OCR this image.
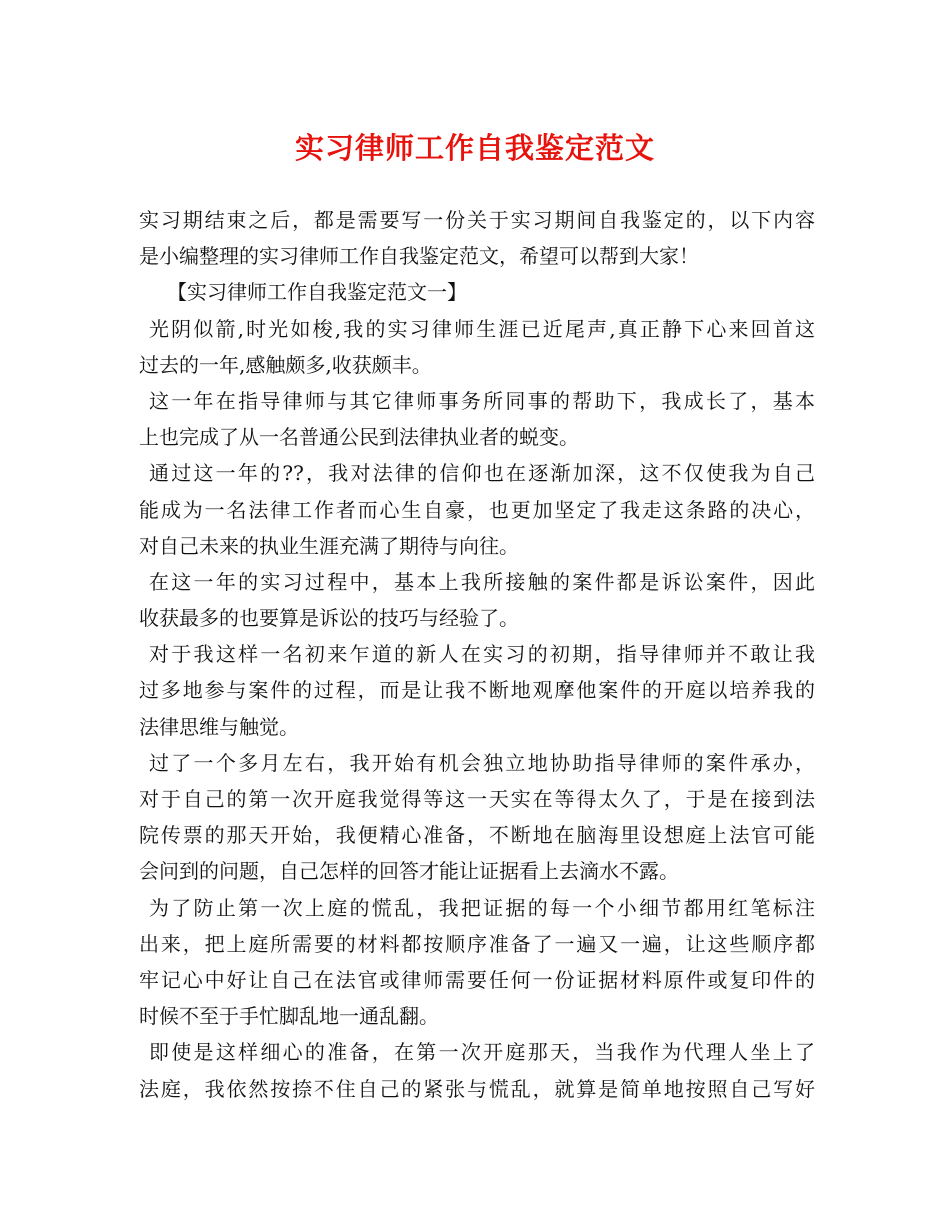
实习律师工作自我鉴定范文
实习期结束之后，都是需要写一份关于实习期间自我鉴定的，以下内容
是小编整理的实习律师工作自我鉴定范文，希望可以帮到大家！
【实习律师工作自我鉴定范文一】
光阴似箭,时光如梭,我的实习律师生涯已近尾声,真正静下心来回首这
过去的一年,感触颇多,收获颇丰。
这一年在指导律师与其它律师事务所同事的帮助下，我成长了，基本
上也完成了从一名普通公民到法律执业者的蜕变。
通过这一年的??，我对法律的信仰也在逐渐加深，这不仅使我为自己
能成为一名法律工作者而心生自豪，也更加坚定了我走这条路的决心，
对自己未来的执业生涯充满了期待与向往。
在这一年的实习过程中，基本上我所接触的案件都是诉讼案件，因此
收获最多的也要算是诉讼的技巧与经验了。
对于我这样一名初来乍道的新人在实习的初期，指导律师并不敢让我
过多地参与案件的过程，而是让我不断地观摩他案件的开庭以培养我的
法律思维与触觉。
过了一个多月左右，我开始有机会独立地协助指导律师的案件承办，
对于自己的第一次开庭我觉得等这一天实在等得太久了，于是在接到法
院传票的那天开始，我便精心准备，不断地在脑海里设想庭上法官可能
会问到的问题，自己怎样的回答才能让证据看上去滴水不露。
为了防止第一次上庭的慌乱，我把证据的每一个小细节都用红笔标注
出来，把上庭所需要的材料都按顺序准备了一遍又一遍，让这些顺序都
牢记心中好让自己在法官或律师需要任何一份证据材料原件或复印件的
时候不至于手忙脚乱地一通乱翻。
即使是这样细心的准备，在第一次开庭那天，当我作为代理人坐上了
法庭，我依然按捺不住自己的紧张与慌乱，就算是简单地按照自己写好
